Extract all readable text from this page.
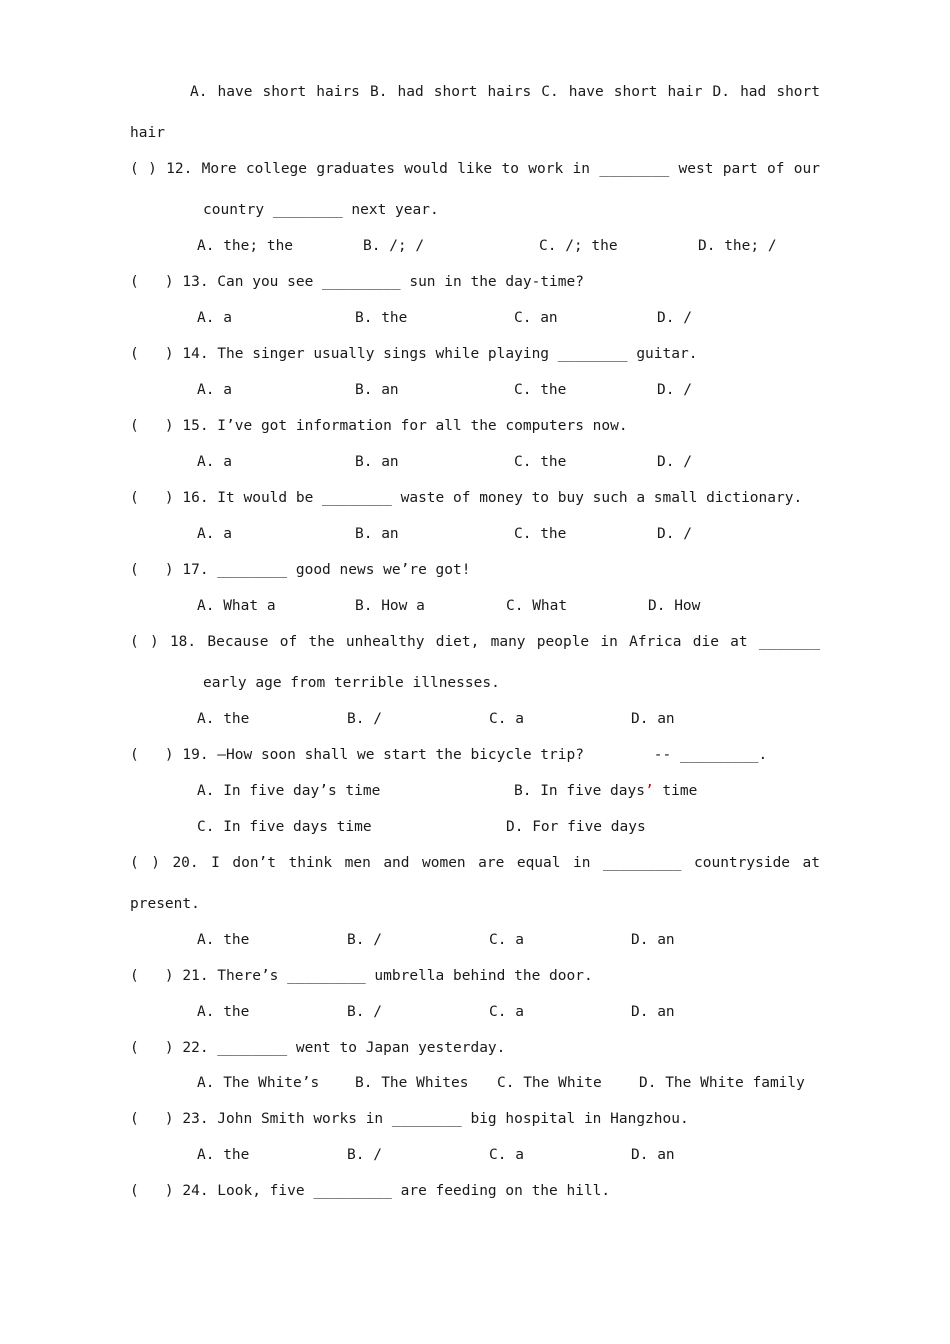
A. have short hairs B. had short hairs C. have short hair D. had short
hair
( ) 12. More college graduates would like to work in ________ west part of our
country ________ next year.
A. the; the	B. /; /	C. /; the	D. the; /
(   ) 13. Can you see _________ sun in the day-time?
A. a	B. the	C. an	D. /
(   ) 14. The singer usually sings while playing ________ guitar.
A. a	B. an	C. the	D. /
(   ) 15. I’ve got information for all the computers now.
A. a	B. an	C. the	D. /
(   ) 16. It would be ________ waste of money to buy such a small dictionary.
A. a	B. an	C. the	D. /
(   ) 17. ________ good news we’re got!
A. What a	B. How a	C. What	D. How
( ) 18. Because of the unhealthy diet, many people in Africa die at _______
early age from terrible illnesses.
A. the	B. /	C. a	D. an
(   ) 19. –How soon shall we start the bicycle trip?        -- _________.
A. In five day’s time	B. In five days’ time
C. In five days time	D. For five days
( ) 20. I don’t think men and women are equal in _________ countryside at
present.
A. the	B. /	C. a	D. an
(   ) 21. There’s _________ umbrella behind the door.
A. the	B. /	C. a	D. an
(   ) 22. ________ went to Japan yesterday.
A. The White’s B. The Whites C. The White	D. The White family
(   ) 23. John Smith works in ________ big hospital in Hangzhou.
A. the	B. /	C. a	D. an
(   ) 24. Look, five _________ are feeding on the hill.
